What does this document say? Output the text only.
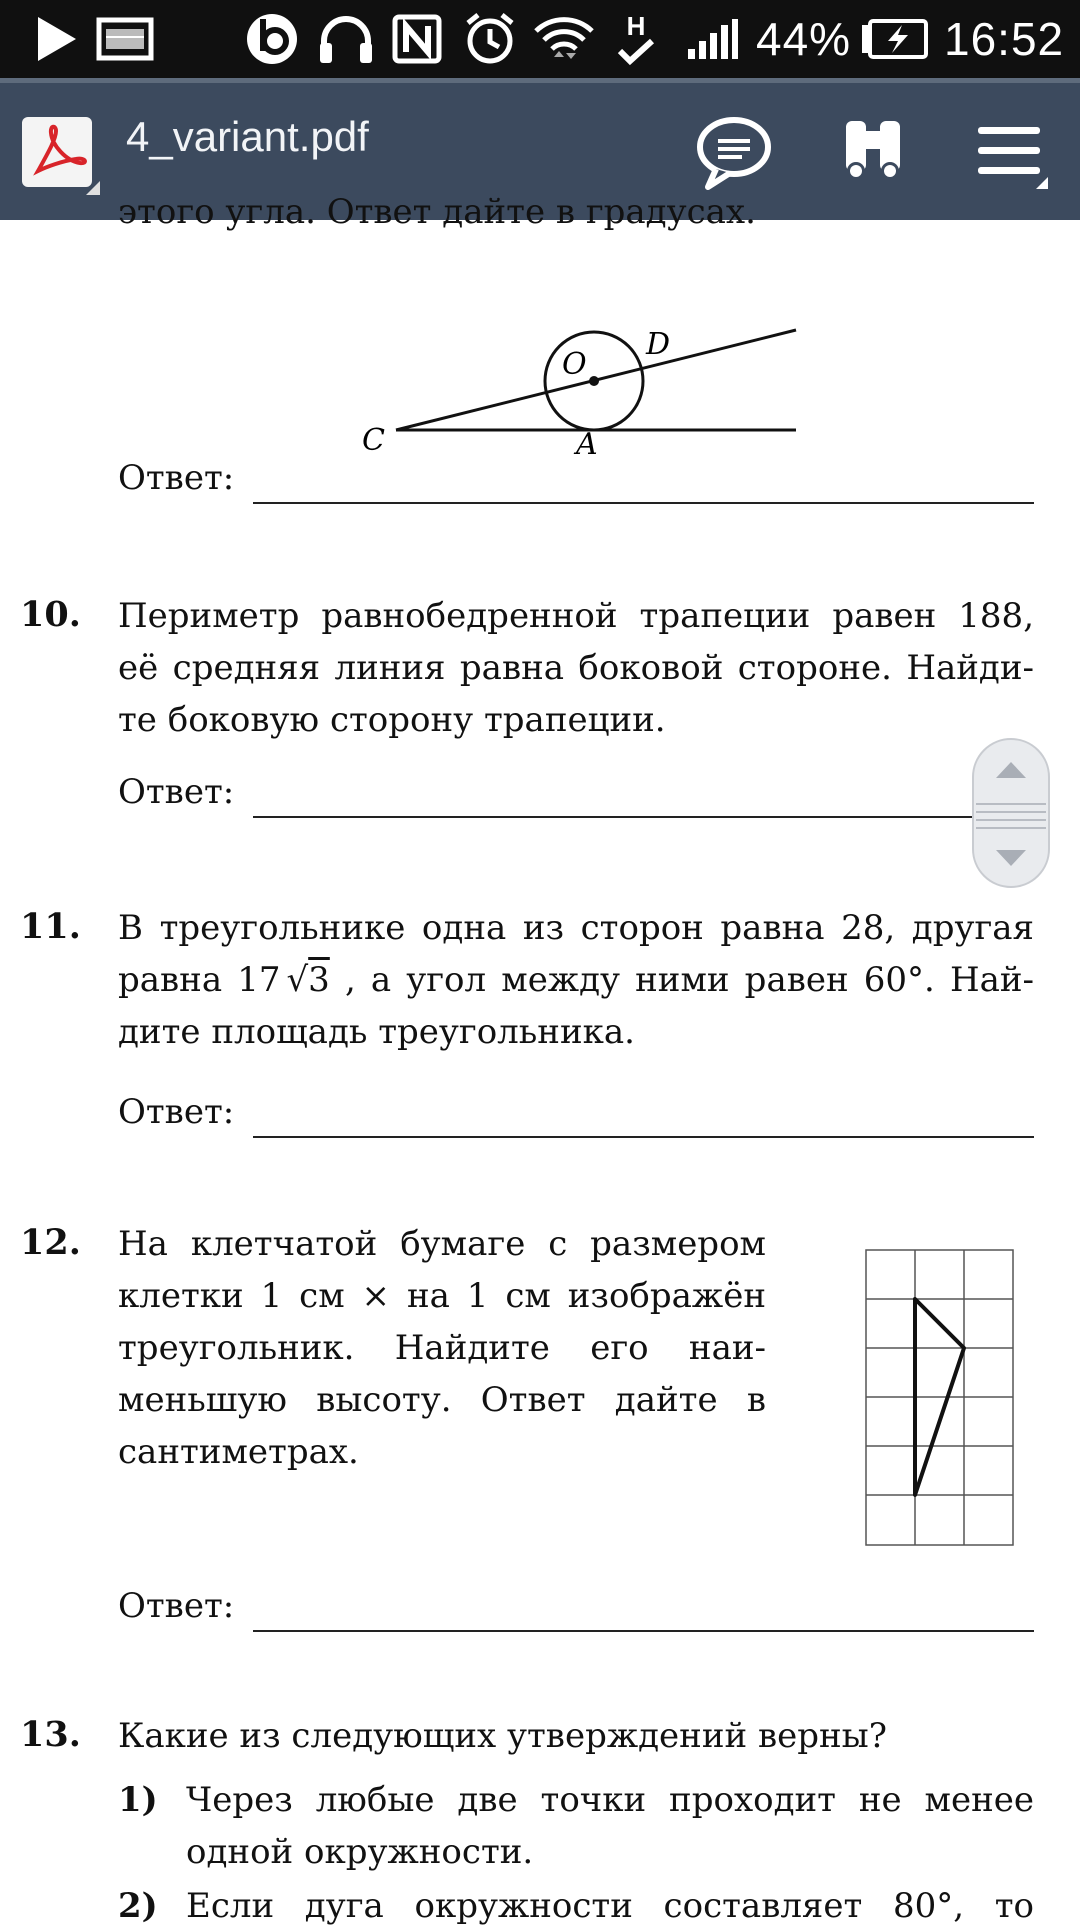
H 44% 16:52
4_variant.pdf
этого угла. Ответ дайте в градусах.
O
D
C	A
Ответ:
10. Периметр равнобедренной трапеции равен 188,
её средняя линия равна боковой стороне. Найди-
те боковую сторону трапеции.
Ответ:
11. В треугольнике одна из сторон равна 28, другая
равна 17 √3 , а угол между ними равен 60°. Най-
дите площадь треугольника.
Ответ:
12. На клетчатой бумаге с размером
клетки 1 см × на 1 см изображён
треугольник. Найдите его наи-
меньшую высоту. Ответ дайте в
сантиметрах.
Ответ:
13. Какие из следующих утверждений верны?
1) Через любые две точки проходит не менее
одной окружности.
2) Если дуга окружности составляет 80°, то
